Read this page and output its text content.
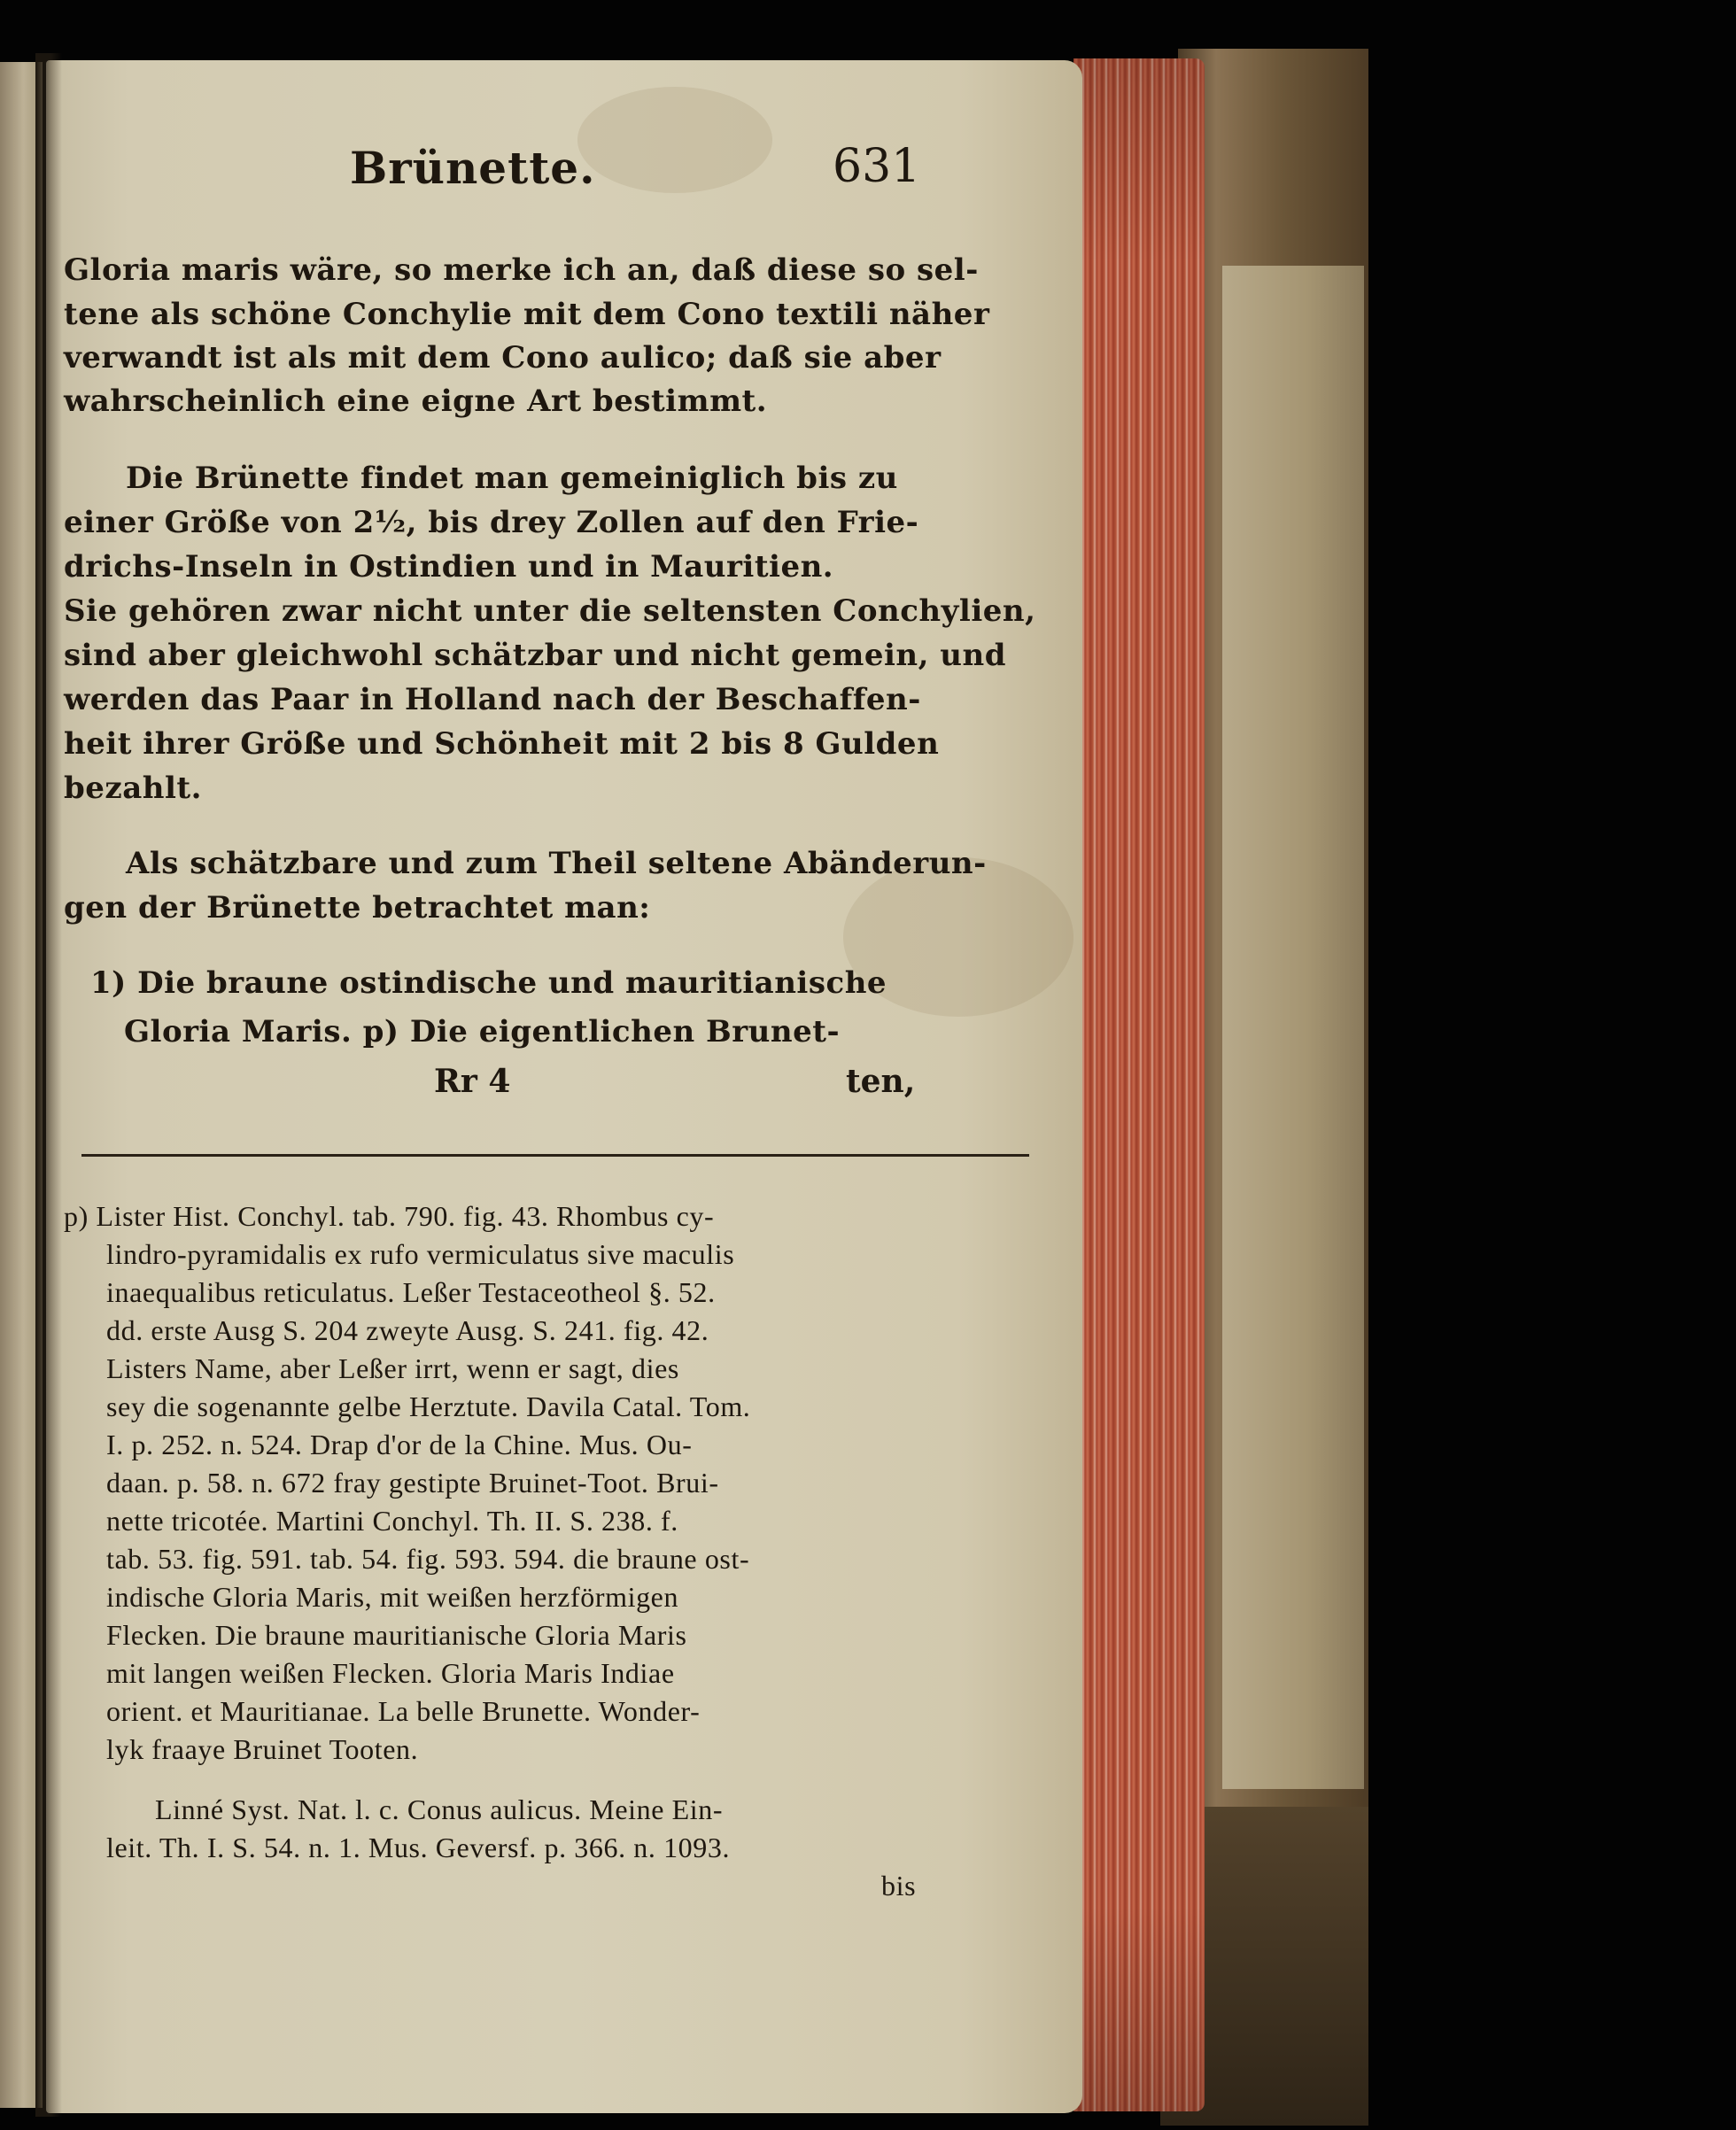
Brünette.	631
Gloria maris wäre, so merke ich an, daß diese so sel-
tene als schöne Conchylie mit dem Cono textili näher
verwandt ist als mit dem Cono aulico; daß sie aber
wahrscheinlich eine eigne Art bestimmt.
Die Brünette findet man gemeiniglich bis zu
einer Größe von 2½, bis drey Zollen auf den Frie-
drichs-Inseln in Ostindien und in Mauritien.
Sie gehören zwar nicht unter die seltensten Conchylien,
sind aber gleichwohl schätzbar und nicht gemein, und
werden das Paar in Holland nach der Beschaffen-
heit ihrer Größe und Schönheit mit 2 bis 8 Gulden
bezahlt.
Als schätzbare und zum Theil seltene Abänderun-
gen der Brünette betrachtet man:
1) Die braune ostindische und mauritianische
Gloria Maris. p) Die eigentlichen Brunet-
Rr 4	ten,
p) Lister Hist. Conchyl. tab. 790. fig. 43. Rhombus cy-
lindro-pyramidalis ex rufo vermiculatus sive maculis
inaequalibus reticulatus. Leßer Testaceotheol §. 52.
dd. erste Ausg S. 204 zweyte Ausg. S. 241. fig. 42.
Listers Name, aber Leßer irrt, wenn er sagt, dies
sey die sogenannte gelbe Herztute. Davila Catal. Tom.
I. p. 252. n. 524. Drap d'or de la Chine. Mus. Ou-
daan. p. 58. n. 672 fray gestipte Bruinet-Toot. Brui-
nette tricotée. Martini Conchyl. Th. II. S. 238. f.
tab. 53. fig. 591. tab. 54. fig. 593. 594. die braune ost-
indische Gloria Maris, mit weißen herzförmigen
Flecken. Die braune mauritianische Gloria Maris
mit langen weißen Flecken. Gloria Maris Indiae
orient. et Mauritianae. La belle Brunette. Wonder-
lyk fraaye Bruinet Tooten.
Linné Syst. Nat. l. c. Conus aulicus. Meine Ein-
leit. Th. I. S. 54. n. 1. Mus. Geversf. p. 366. n. 1093.
bis
